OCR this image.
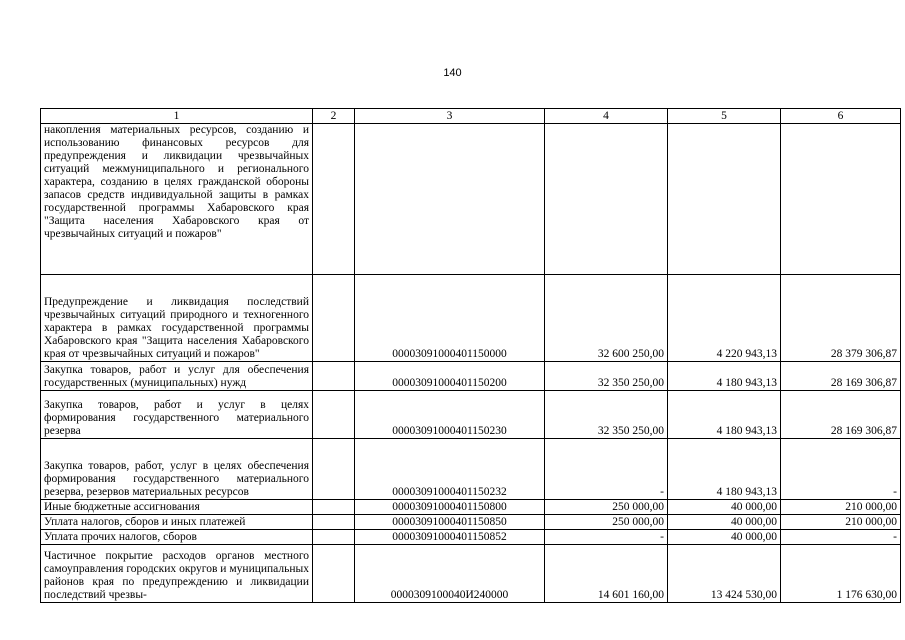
140
1	2	3	4	5	6
накопления материальных ресурсов, созданию и использованию финансовых ресурсов для предупреждения и ликвидации чрезвычайных ситуаций межмуниципального и регионального характера, созданию в целях гражданской обороны запасов средств индивидуальной защиты в рамках государственной программы Хабаровского края "Защита населения Хабаровского края от чрезвычайных ситуаций и пожаров"					
Предупреждение и ликвидация последствий чрезвычайных ситуаций природного и техногенного характера в рамках государственной программы Хабаровского края "Защита населения Хабаровского края от чрезвычайных ситуаций и пожаров"		00003091000401150000	32 600 250,00	4 220 943,13	28 379 306,87
Закупка товаров, работ и услуг для обеспечения государственных (муниципальных) нужд		00003091000401150200	32 350 250,00	4 180 943,13	28 169 306,87
Закупка товаров, работ и услуг в целях формирования государственного материального резерва		00003091000401150230	32 350 250,00	4 180 943,13	28 169 306,87
Закупка товаров, работ, услуг в целях обеспечения формирования государственного материального резерва, резервов материальных ресурсов		00003091000401150232	-	4 180 943,13	-
Иные бюджетные ассигнования		00003091000401150800	250 000,00	40 000,00	210 000,00
Уплата налогов, сборов и иных платежей		00003091000401150850	250 000,00	40 000,00	210 000,00
Уплата прочих налогов, сборов		00003091000401150852	-	40 000,00	-
Частичное покрытие расходов органов местного самоуправления городских округов и муниципальных районов края по предупреждению и ликвидации последствий чрезвы-		0000309100040И240000	14 601 160,00	13 424 530,00	1 176 630,00
